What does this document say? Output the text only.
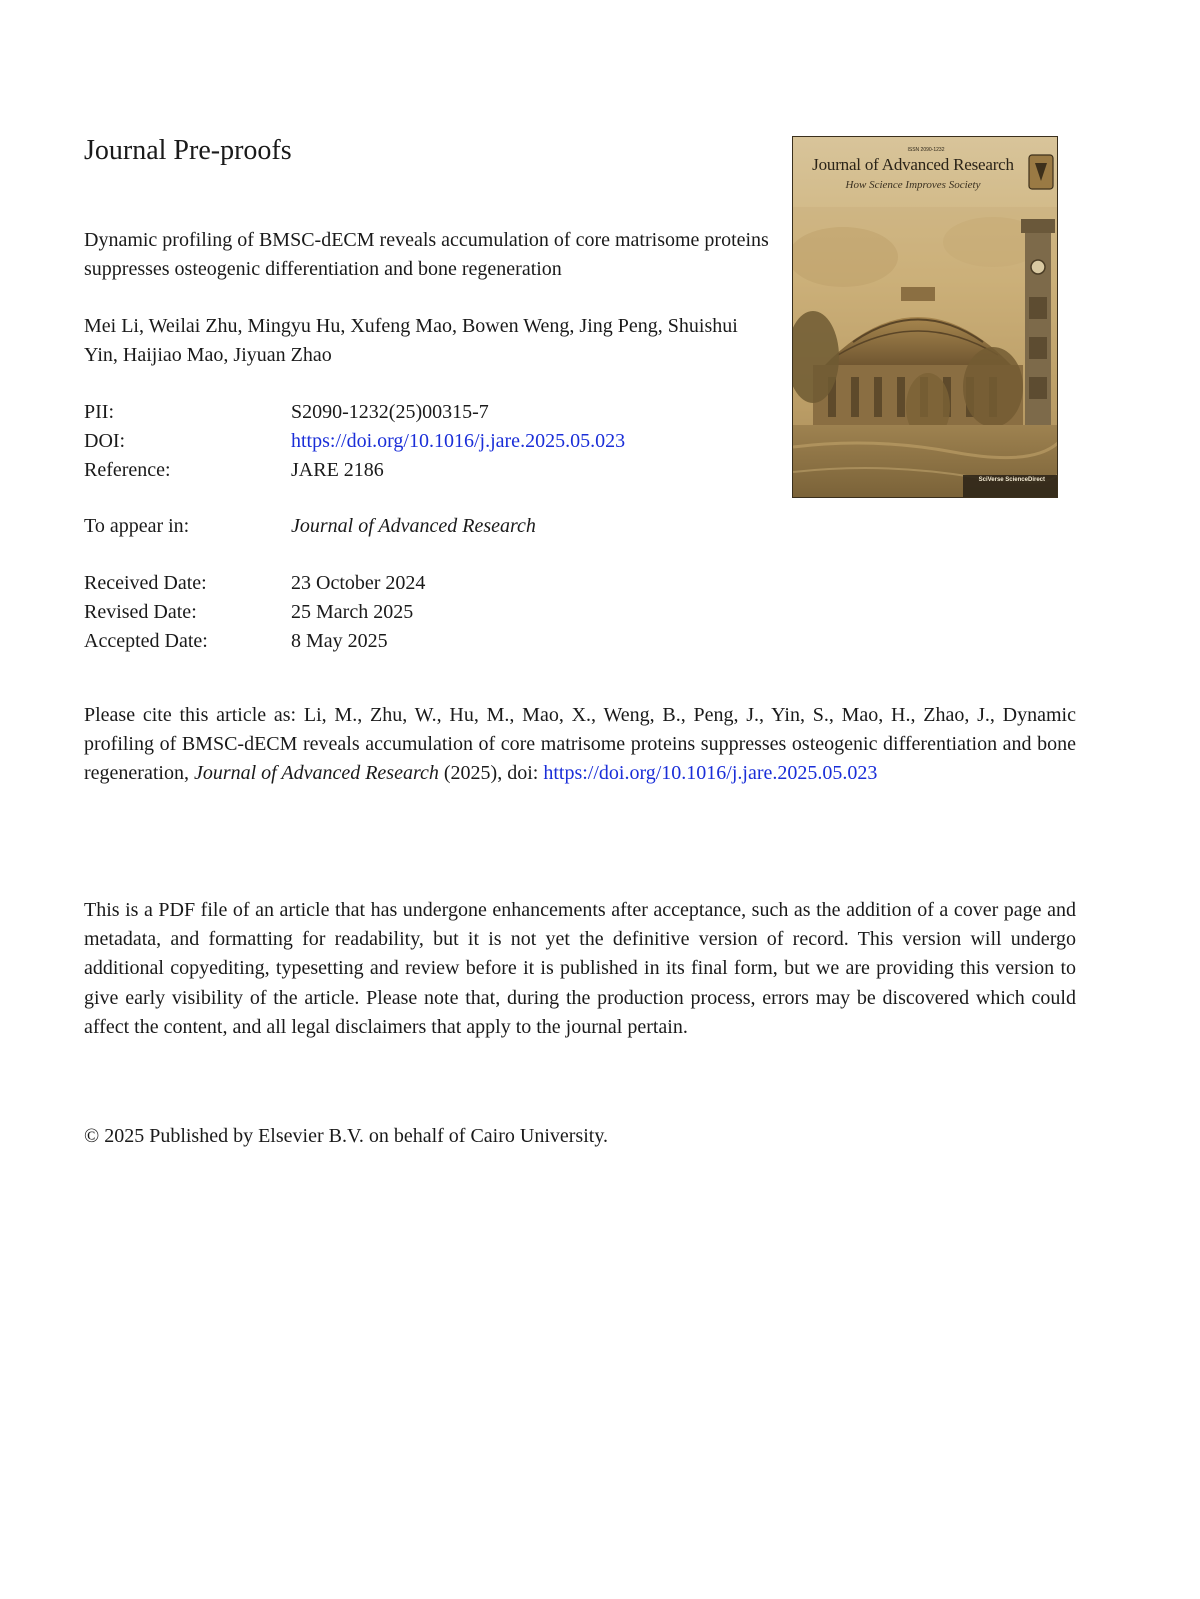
Journal Pre-proofs
Dynamic profiling of BMSC-dECM reveals accumulation of core matrisome proteins suppresses osteogenic differentiation and bone regeneration
Mei Li, Weilai Zhu, Mingyu Hu, Xufeng Mao, Bowen Weng, Jing Peng, Shuishui Yin, Haijiao Mao, Jiyuan Zhao
PII:	S2090-1232(25)00315-7
DOI:	https://doi.org/10.1016/j.jare.2025.05.023
Reference:	JARE 2186
To appear in:	Journal of Advanced Research
Received Date:	23 October 2024
Revised Date:	25 March 2025
Accepted Date:	8 May 2025
Please cite this article as: Li, M., Zhu, W., Hu, M., Mao, X., Weng, B., Peng, J., Yin, S., Mao, H., Zhao, J., Dynamic profiling of BMSC-dECM reveals accumulation of core matrisome proteins suppresses osteogenic differentiation and bone regeneration, Journal of Advanced Research (2025), doi: https://doi.org/10.1016/j.jare.2025.05.023
This is a PDF file of an article that has undergone enhancements after acceptance, such as the addition of a cover page and metadata, and formatting for readability, but it is not yet the definitive version of record. This version will undergo additional copyediting, typesetting and review before it is published in its final form, but we are providing this version to give early visibility of the article. Please note that, during the production process, errors may be discovered which could affect the content, and all legal disclaimers that apply to the journal pertain.
© 2025 Published by Elsevier B.V. on behalf of Cairo University.
ISSN 2090-1232
Journal of Advanced Research
How Science Improves Society
SciVerse ScienceDirect
